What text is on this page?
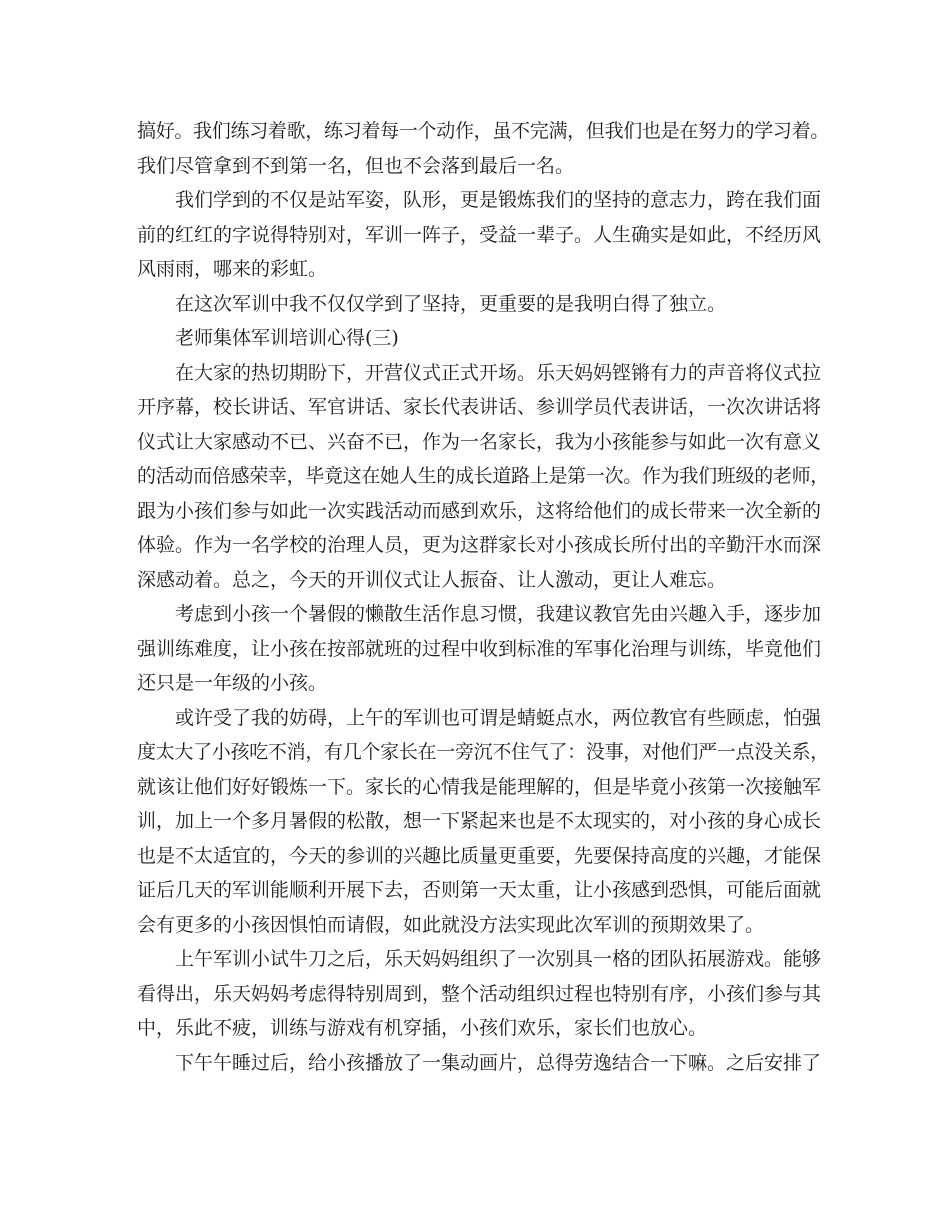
搞好。我们练习着歌，练习着每一个动作，虽不完满，但我们也是在努力的学习着。
我们尽管拿到不到第一名，但也不会落到最后一名。
我们学到的不仅是站军姿，队形，更是锻炼我们的坚持的意志力，跨在我们面
前的红红的字说得特别对，军训一阵子，受益一辈子。人生确实是如此，不经历风
风雨雨，哪来的彩虹。
在这次军训中我不仅仅学到了坚持，更重要的是我明白得了独立。
老师集体军训培训心得(三)
在大家的热切期盼下，开营仪式正式开场。乐天妈妈铿锵有力的声音将仪式拉
开序幕，校长讲话、军官讲话、家长代表讲话、参训学员代表讲话，一次次讲话将
仪式让大家感动不已、兴奋不已，作为一名家长，我为小孩能参与如此一次有意义
的活动而倍感荣幸，毕竟这在她人生的成长道路上是第一次。作为我们班级的老师，
跟为小孩们参与如此一次实践活动而感到欢乐，这将给他们的成长带来一次全新的
体验。作为一名学校的治理人员，更为这群家长对小孩成长所付出的辛勤汗水而深
深感动着。总之，今天的开训仪式让人振奋、让人激动，更让人难忘。
考虑到小孩一个暑假的懒散生活作息习惯，我建议教官先由兴趣入手，逐步加
强训练难度，让小孩在按部就班的过程中收到标准的军事化治理与训练，毕竟他们
还只是一年级的小孩。
或许受了我的妨碍，上午的军训也可谓是蜻蜓点水，两位教官有些顾虑，怕强
度太大了小孩吃不消，有几个家长在一旁沉不住气了：没事，对他们严一点没关系，
就该让他们好好锻炼一下。家长的心情我是能理解的，但是毕竟小孩第一次接触军
训，加上一个多月暑假的松散，想一下紧起来也是不太现实的，对小孩的身心成长
也是不太适宜的，今天的参训的兴趣比质量更重要，先要保持高度的兴趣，才能保
证后几天的军训能顺利开展下去，否则第一天太重，让小孩感到恐惧，可能后面就
会有更多的小孩因惧怕而请假，如此就没方法实现此次军训的预期效果了。
上午军训小试牛刀之后，乐天妈妈组织了一次别具一格的团队拓展游戏。能够
看得出，乐天妈妈考虑得特别周到，整个活动组织过程也特别有序，小孩们参与其
中，乐此不疲，训练与游戏有机穿插，小孩们欢乐，家长们也放心。
下午午睡过后，给小孩播放了一集动画片，总得劳逸结合一下嘛。之后安排了
